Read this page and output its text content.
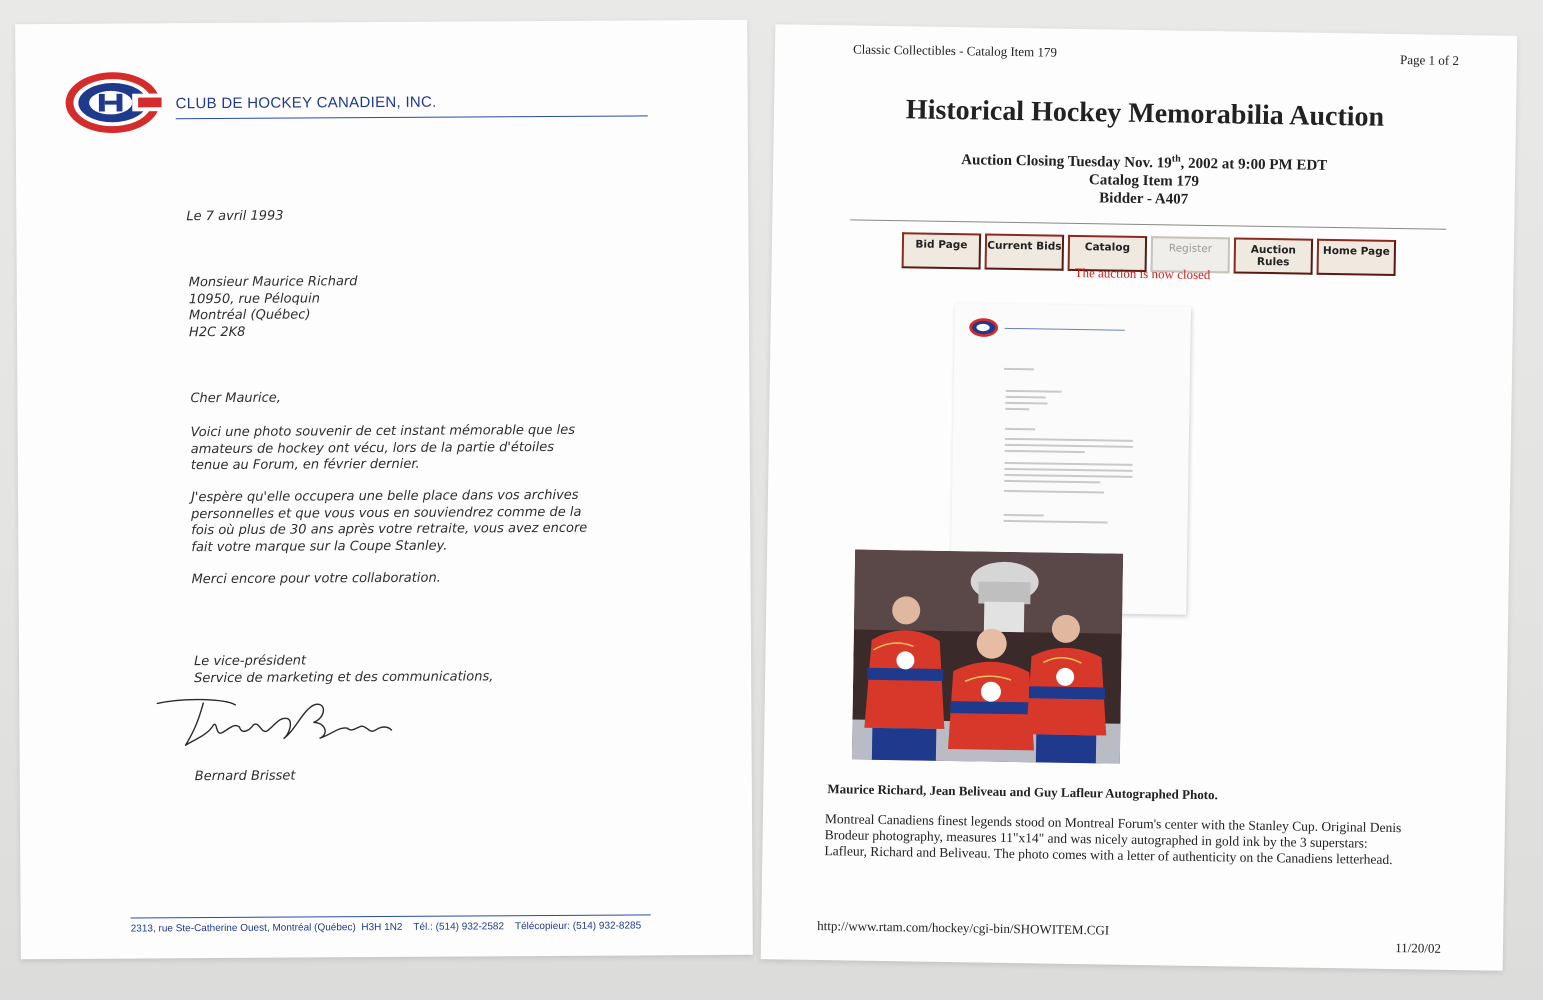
CLUB DE HOCKEY CANADIEN, INC.
Le 7 avril 1993
Monsieur Maurice Richard
10950, rue Péloquin
Montréal (Québec)
H2C 2K8
Cher Maurice,
Voici une photo souvenir de cet instant mémorable que les amateurs de hockey ont vécu, lors de la partie d'étoiles tenue au Forum, en février dernier.
J'espère qu'elle occupera une belle place dans vos archives personnelles et que vous vous en souviendrez comme de la fois où plus de 30 ans après votre retraite, vous avez encore fait votre marque sur la Coupe Stanley.
Merci encore pour votre collaboration.
Le vice-président
Service de marketing et des communications,
Bernard Brisset
2313, rue Ste-Catherine Ouest, Montréal (Québec)  H3H 1N2    Tél.: (514) 932-2582    Télécopieur: (514) 932-8285
Classic Collectibles - Catalog Item 179
Page 1 of 2
Historical Hockey Memorabilia Auction
Auction Closing Tuesday Nov. 19th, 2002 at 9:00 PM EDT
Catalog Item 179
Bidder - A407
Bid Page	Current Bids	Catalog	Register	Auction Rules
Home Page
The auction is now closed
Maurice Richard, Jean Beliveau and Guy Lafleur Autographed Photo.
Montreal Canadiens finest legends stood on Montreal Forum's center with the Stanley Cup. Original Denis Brodeur photography, measures 11"x14" and was nicely autographed in gold ink by the 3 superstars: Lafleur, Richard and Beliveau. The photo comes with a letter of authenticity on the Canadiens letterhead.
http://www.rtam.com/hockey/cgi-bin/SHOWITEM.CGI
11/20/02
